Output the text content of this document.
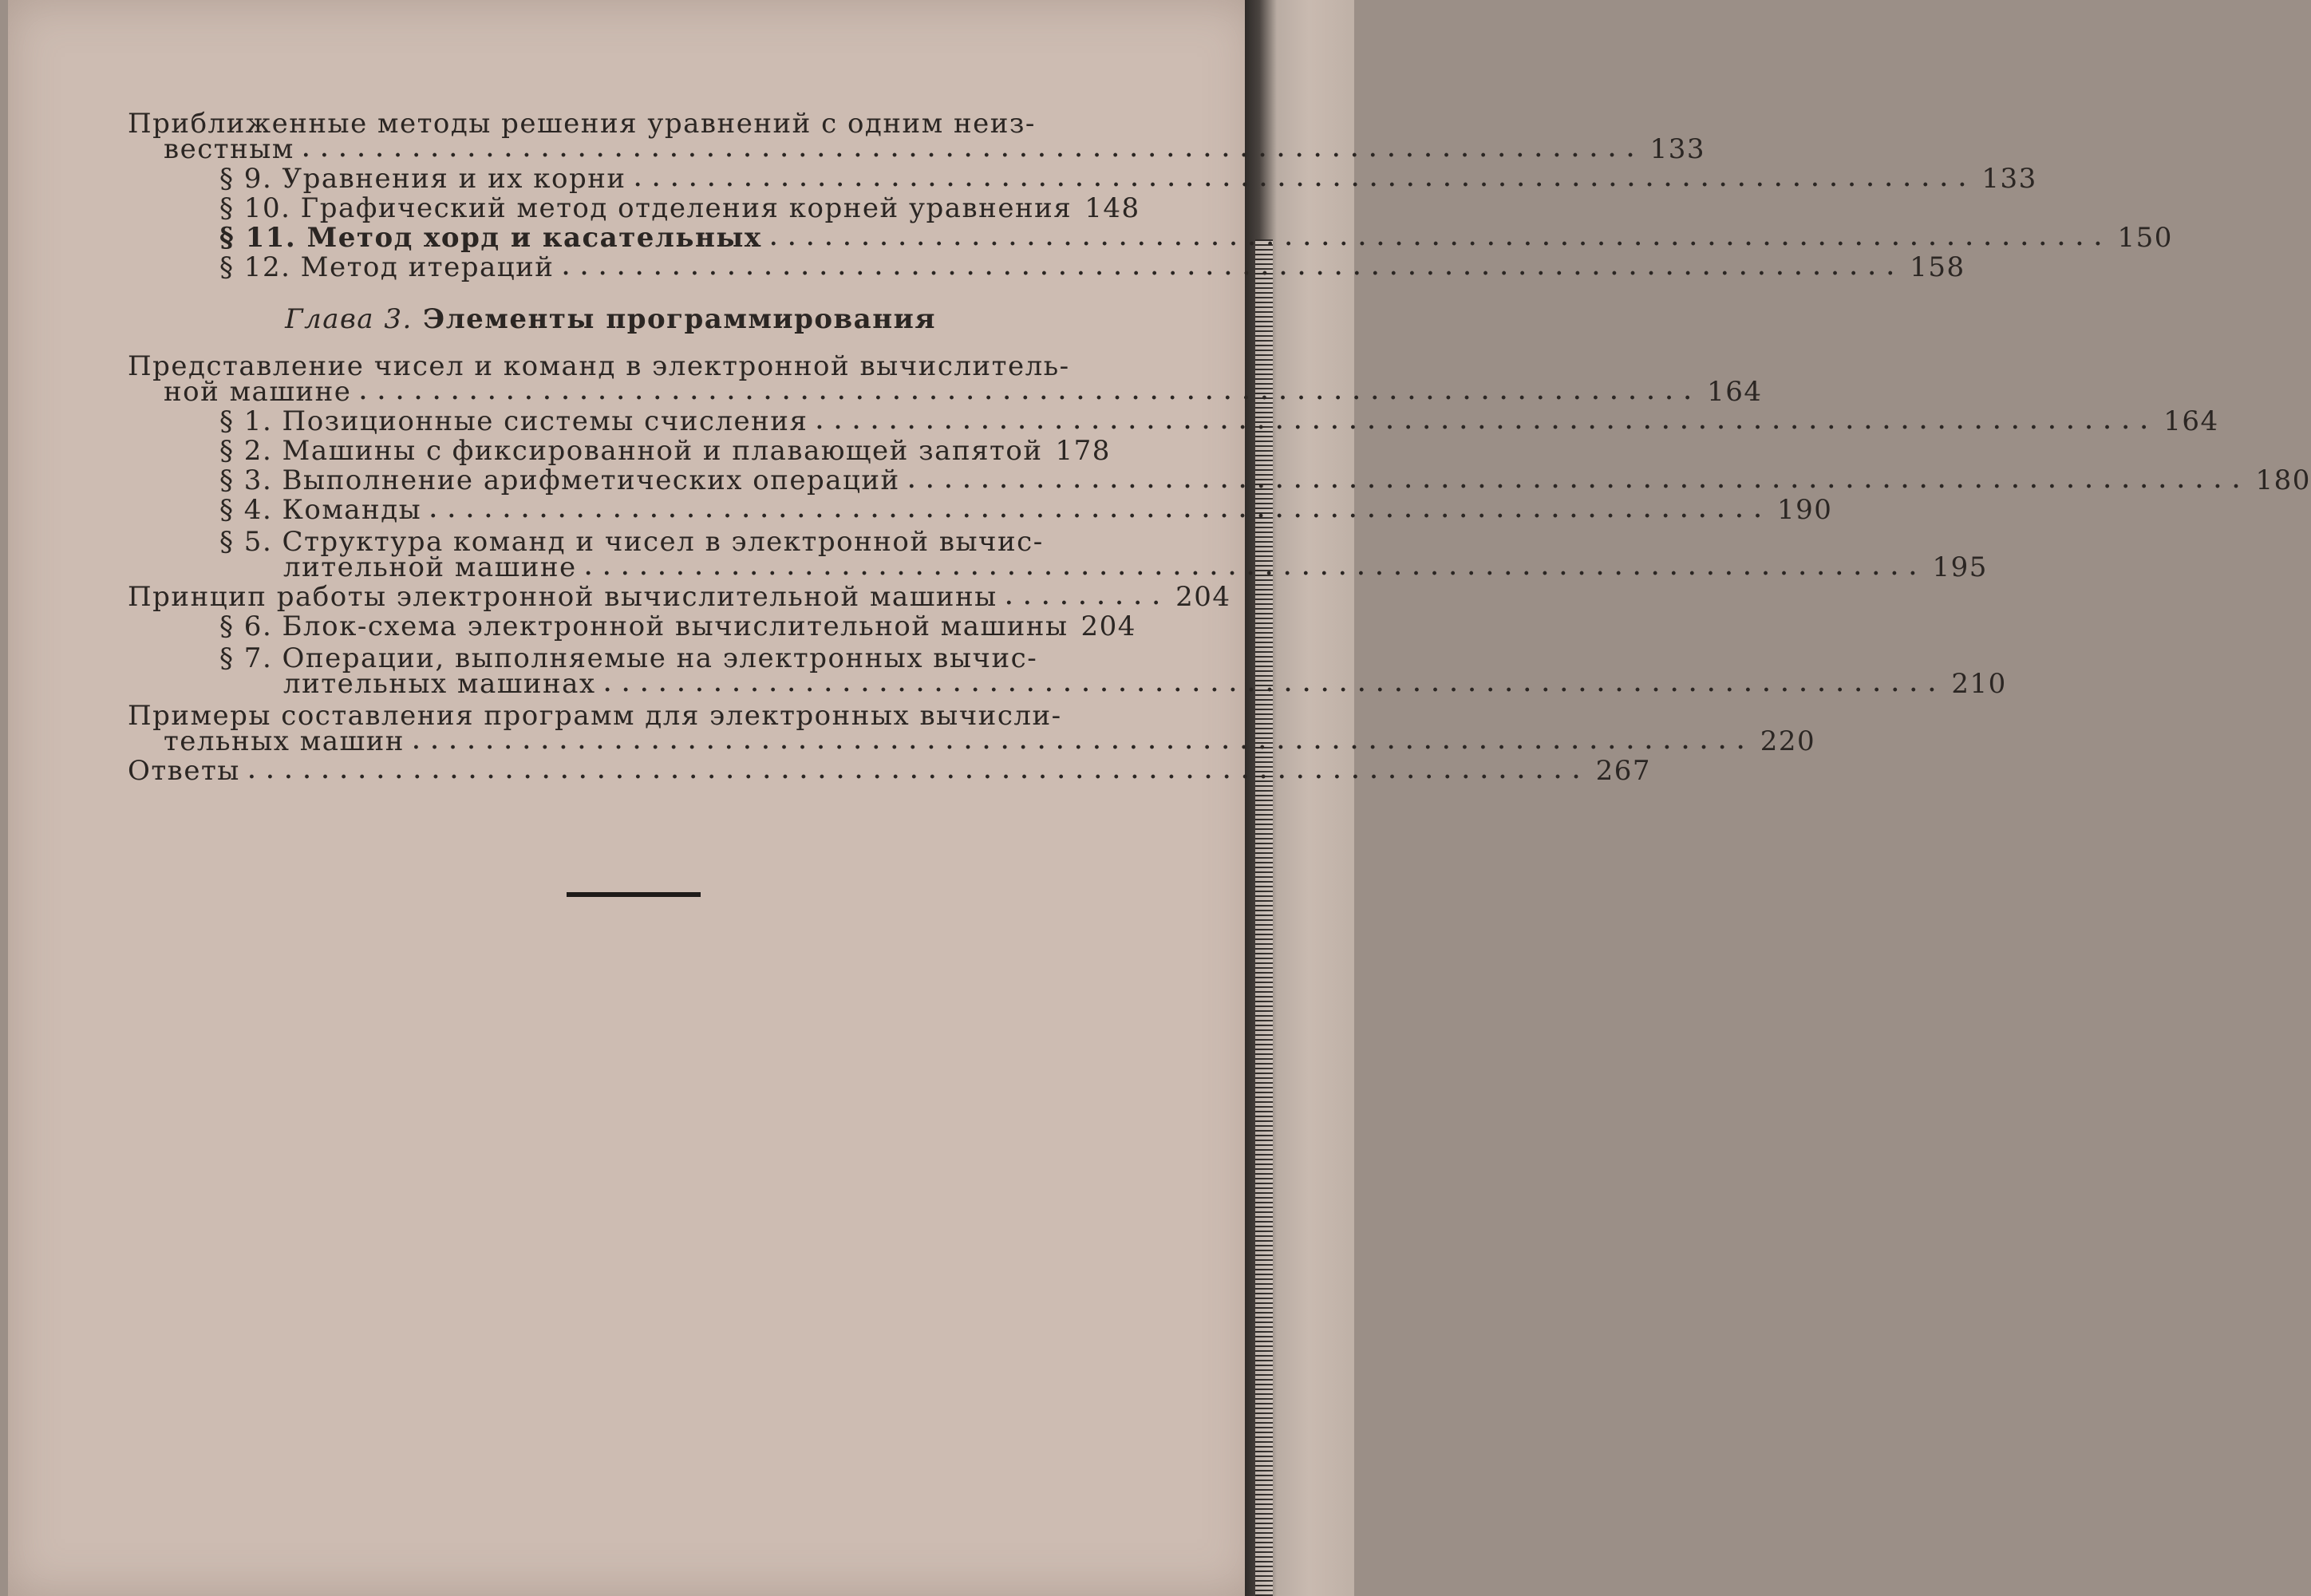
Приближенные методы решения уравнений с одним неиз-
вестным ......................................................................... 133
§ 9. Уравнения и их корни ......................................................................... 133
§ 10. Графический метод отделения корней уравнения 148
§ 11. Метод хорд и касательных ......................................................................... 150
§ 12. Метод итераций ......................................................................... 158
Глава 3. Элементы программирования
Представление чисел и команд в электронной вычислитель-
ной машине ......................................................................... 164
§ 1. Позиционные системы счисления ......................................................................... 164
§ 2. Машины с фиксированной и плавающей запятой 178
§ 3. Выполнение арифметических операций ......................................................................... 180
§ 4. Команды ......................................................................... 190
§ 5. Структура команд и чисел в электронной вычис-
лительной машине ......................................................................... 195
Принцип работы электронной вычислительной машины ......... 204
§ 6. Блок-схема электронной вычислительной машины 204
§ 7. Операции, выполняемые на электронных вычис-
лительных машинах ......................................................................... 210
Примеры составления программ для электронных вычисли-
тельных машин ......................................................................... 220
Ответы ......................................................................... 267
